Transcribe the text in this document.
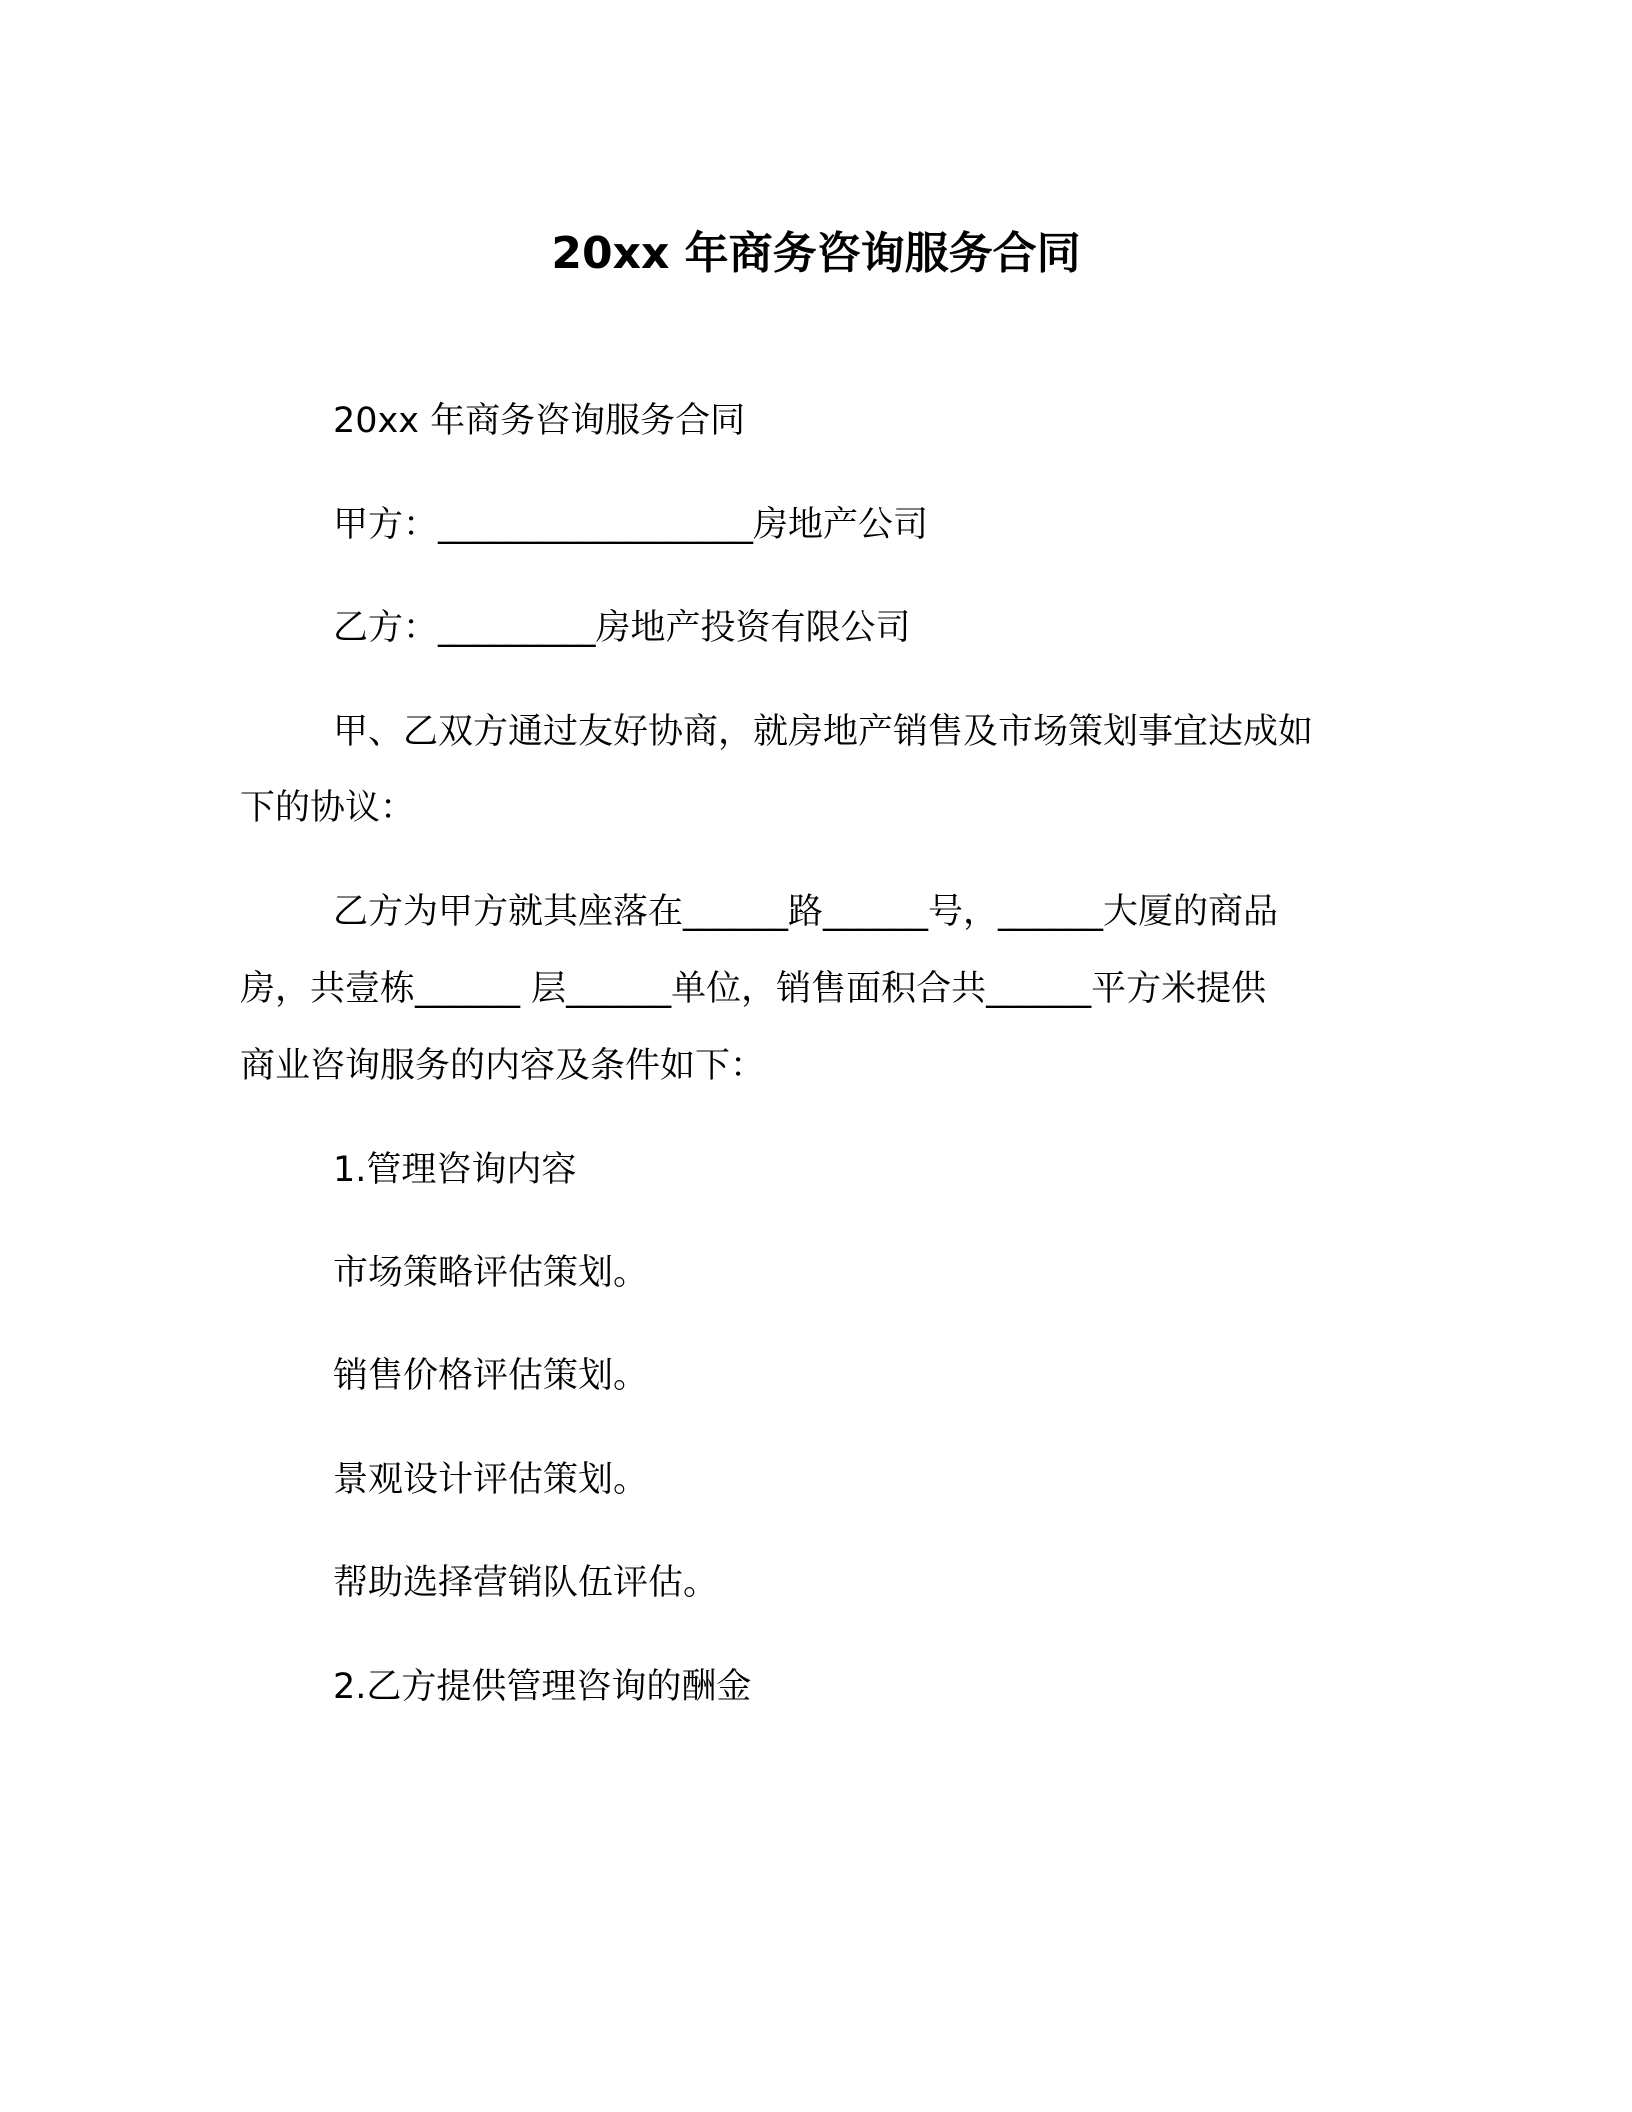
20xx 年商务咨询服务合同

20xx 年商务咨询服务合同

甲方：__________________房地产公司

乙方：_________房地产投资有限公司

甲、乙双方通过友好协商，就房地产销售及市场策划事宜达成如

下的协议：

乙方为甲方就其座落在______路______号，______大厦的商品

房，共壹栋______ 层______单位，销售面积合共______平方米提供

商业咨询服务的内容及条件如下：

1.管理咨询内容

市场策略评估策划。

销售价格评估策划。

景观设计评估策划。

帮助选择营销队伍评估。

2.乙方提供管理咨询的酬金
